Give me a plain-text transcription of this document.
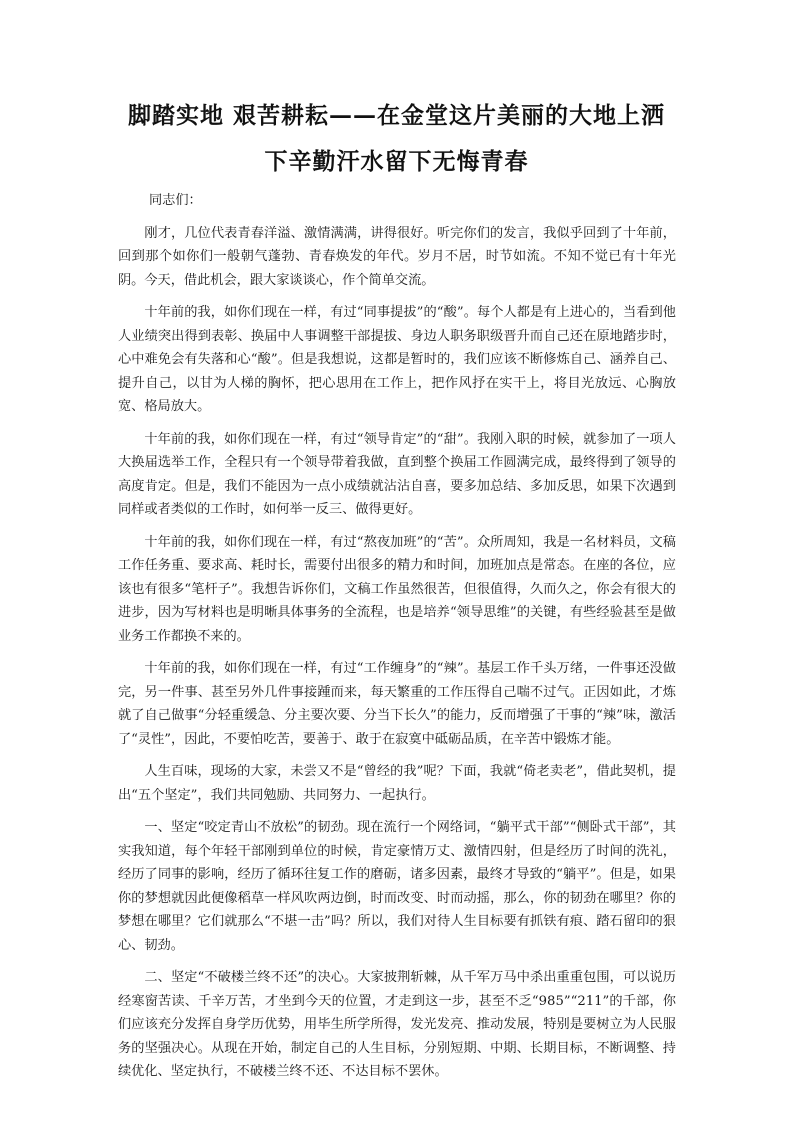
脚踏实地 艰苦耕耘——在金堂这片美丽的大地上洒
下辛勤汗水留下无悔青春

同志们：

刚才，几位代表青春洋溢、激情满满，讲得很好。听完你们的发言，我似乎回到了十年前，回到那个如你们一般朝气蓬勃、青春焕发的年代。岁月不居，时节如流。不知不觉已有十年光阴。今天，借此机会，跟大家谈谈心，作个简单交流。

十年前的我，如你们现在一样，有过“同事提拔”的“酸”。每个人都是有上进心的，当看到他人业绩突出得到表彰、换届中人事调整干部提拔、身边人职务职级晋升而自己还在原地踏步时，心中难免会有失落和心“酸”。但是我想说，这都是暂时的，我们应该不断修炼自己、涵养自己、提升自己，以甘为人梯的胸怀，把心思用在工作上，把作风抒在实干上，将目光放远、心胸放宽、格局放大。

十年前的我，如你们现在一样，有过“领导肯定”的“甜”。我刚入职的时候，就参加了一项人大换届选举工作，全程只有一个领导带着我做，直到整个换届工作圆满完成，最终得到了领导的高度肯定。但是，我们不能因为一点小成绩就沾沾自喜，要多加总结、多加反思，如果下次遇到同样或者类似的工作时，如何举一反三、做得更好。

十年前的我，如你们现在一样，有过“熬夜加班”的“苦”。众所周知，我是一名材料员，文稿工作任务重、要求高、耗时长，需要付出很多的精力和时间，加班加点是常态。在座的各位，应该也有很多“笔杆子”。我想告诉你们，文稿工作虽然很苦，但很值得，久而久之，你会有很大的进步，因为写材料也是明晰具体事务的全流程，也是培养“领导思维”的关键，有些经验甚至是做业务工作都换不来的。

十年前的我，如你们现在一样，有过“工作缠身”的“辣”。基层工作千头万绪，一件事还没做完，另一件事、甚至另外几件事接踵而来，每天繁重的工作压得自己喘不过气。正因如此，才炼就了自己做事“分轻重缓急、分主要次要、分当下长久”的能力，反而增强了干事的“辣”味，激活了“灵性”，因此，不要怕吃苦，要善于、敢于在寂寞中砥砺品质，在辛苦中锻炼才能。

人生百味，现场的大家，未尝又不是“曾经的我”呢？下面，我就“倚老卖老”，借此契机，提出“五个坚定”，我们共同勉励、共同努力、一起执行。

一、坚定“咬定青山不放松”的韧劲。现在流行一个网络词，“躺平式干部”“侧卧式干部”，其实我知道，每个年轻干部刚到单位的时候，肯定豪情万丈、激情四射，但是经历了时间的洗礼，经历了同事的影响，经历了循环往复工作的磨砺，诸多因素，最终才导致的“躺平”。但是，如果你的梦想就因此便像稻草一样风吹两边倒，时而改变、时而动摇，那么，你的韧劲在哪里？你的梦想在哪里？它们就那么“不堪一击”吗？所以，我们对待人生目标要有抓铁有痕、踏石留印的狠心、韧劲。

二、坚定“不破楼兰终不还”的决心。大家披荆斩棘，从千军万马中杀出重重包围，可以说历经寒窗苦读、千辛万苦，才坐到今天的位置，才走到这一步，甚至不乏“985”“211”的千部，你们应该充分发挥自身学历优势，用毕生所学所得，发光发亮、推动发展，特别是要树立为人民服务的坚强决心。从现在开始，制定自己的人生目标，分别短期、中期、长期目标，不断调整、持续优化、坚定执行，不破楼兰终不还、不达目标不罢休。
